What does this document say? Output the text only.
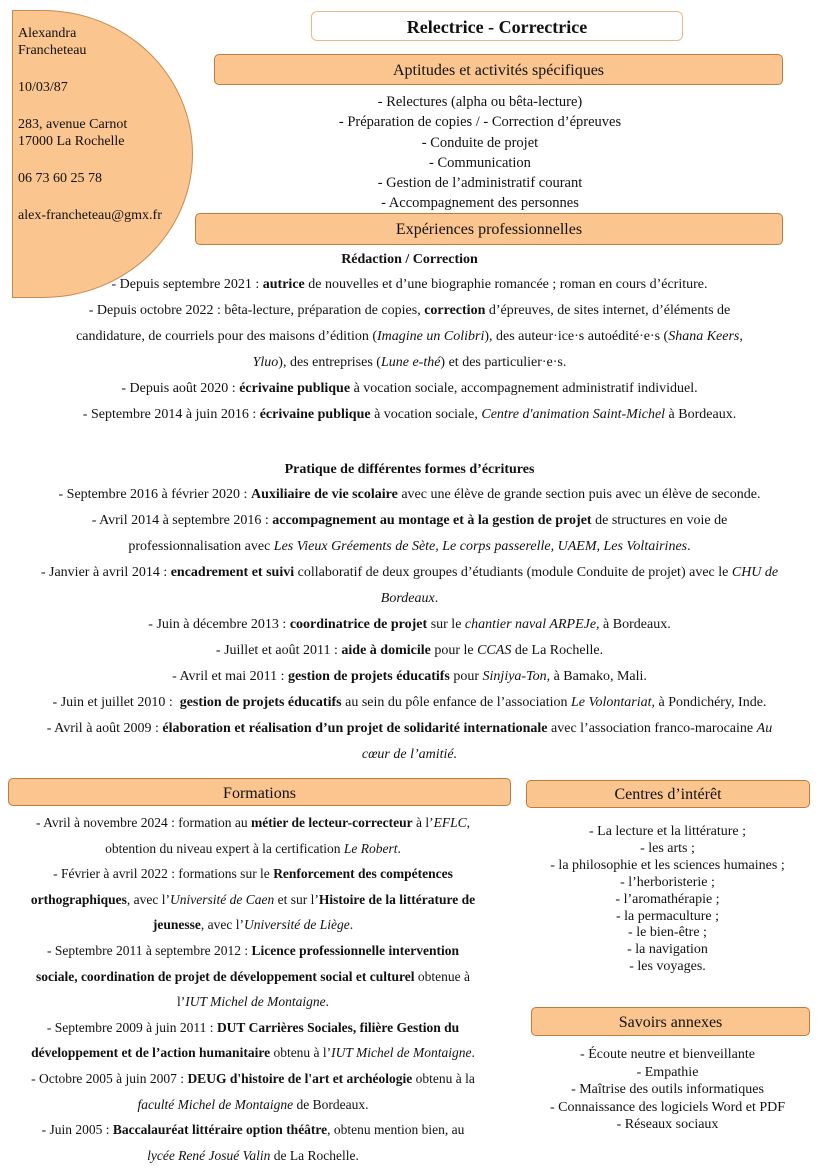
Alexandra
Francheteau
10/03/87
283, avenue Carnot
17000 La Rochelle
06 73 60 25 78
alex-francheteau@gmx.fr
Relectrice - Correctrice
Aptitudes et activités spécifiques
- Relectures (alpha ou bêta-lecture)
- Préparation de copies / - Correction d’épreuves
- Conduite de projet
- Communication
- Gestion de l’administratif courant
- Accompagnement des personnes
Expériences professionnelles
Rédaction / Correction
- Depuis septembre 2021 : autrice de nouvelles et d’une biographie romancée ; roman en cours d’écriture.
- Depuis octobre 2022 : bêta-lecture, préparation de copies, correction d’épreuves, de sites internet, d’éléments de
candidature, de courriels pour des maisons d’édition (Imagine un Colibri), des auteur·ice·s autoédité·e·s (Shana Keers,
Yluo), des entreprises (Lune e-thé) et des particulier·e·s.
- Depuis août 2020 : écrivaine publique à vocation sociale, accompagnement administratif individuel.
- Septembre 2014 à juin 2016 : écrivaine publique à vocation sociale, Centre d'animation Saint-Michel à Bordeaux.
Pratique de différentes formes d’écritures
- Septembre 2016 à février 2020 : Auxiliaire de vie scolaire avec une élève de grande section puis avec un élève de seconde.
- Avril 2014 à septembre 2016 : accompagnement au montage et à la gestion de projet de structures en voie de
professionnalisation avec Les Vieux Gréements de Sète, Le corps passerelle, UAEM, Les Voltairines.
- Janvier à avril 2014 : encadrement et suivi collaboratif de deux groupes d’étudiants (module Conduite de projet) avec le CHU de
Bordeaux.
- Juin à décembre 2013 : coordinatrice de projet sur le chantier naval ARPEJe, à Bordeaux.
- Juillet et août 2011 : aide à domicile pour le CCAS de La Rochelle.
- Avril et mai 2011 : gestion de projets éducatifs pour Sinjiya-Ton, à Bamako, Mali.
- Juin et juillet 2010 :  gestion de projets éducatifs au sein du pôle enfance de l’association Le Volontariat, à Pondichéry, Inde.
- Avril à août 2009 : élaboration et réalisation d’un projet de solidarité internationale avec l’association franco-marocaine Au
cœur de l’amitié.
Formations
- Avril à novembre 2024 : formation au métier de lecteur-correcteur à l’EFLC,
obtention du niveau expert à la certification Le Robert.
- Février à avril 2022 : formations sur le Renforcement des compétences
orthographiques, avec l’Université de Caen et sur l’Histoire de la littérature de
jeunesse, avec l’Université de Liège.
- Septembre 2011 à septembre 2012 : Licence professionnelle intervention
sociale, coordination de projet de développement social et culturel obtenue à
l’IUT Michel de Montaigne.
- Septembre 2009 à juin 2011 : DUT Carrières Sociales, filière Gestion du
développement et de l’action humanitaire obtenu à l’IUT Michel de Montaigne.
- Octobre 2005 à juin 2007 : DEUG d'histoire de l'art et archéologie obtenu à la
faculté Michel de Montaigne de Bordeaux.
- Juin 2005 : Baccalauréat littéraire option théâtre, obtenu mention bien, au
lycée René Josué Valin de La Rochelle.
Centres d’intérêt
- La lecture et la littérature ;
- les arts ;
- la philosophie et les sciences humaines ;
- l’herboristerie ;
- l’aromathérapie ;
- la permaculture ;
- le bien-être ;
- la navigation
- les voyages.
Savoirs annexes
- Écoute neutre et bienveillante
- Empathie
- Maîtrise des outils informatiques
- Connaissance des logiciels Word et PDF
- Réseaux sociaux
